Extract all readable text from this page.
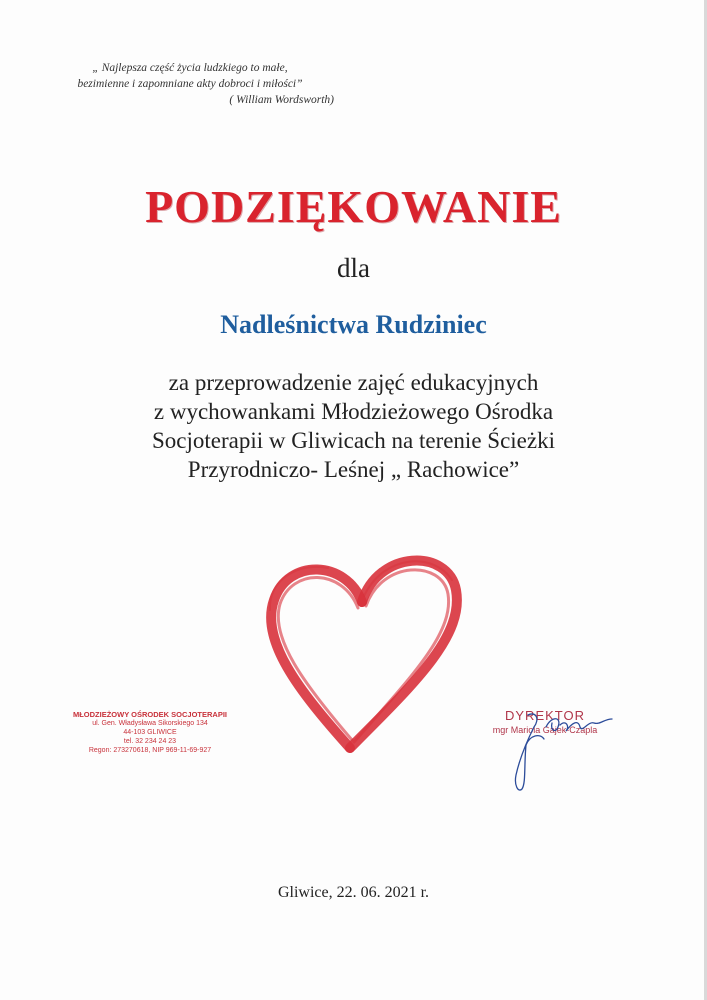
„ Najlepsza część życia ludzkiego to małe,
bezimienne i zapomniane akty dobroci i miłości”
( William Wordsworth)
PODZIĘKOWANIE
dla
Nadleśnictwa Rudziniec
za przeprowadzenie zajęć edukacyjnych
z wychowankami Młodzieżowego Ośrodka
Socjoterapii w Gliwicach na terenie Ścieżki
Przyrodniczo- Leśnej „ Rachowice”
MŁODZIEŻOWY OŚRODEK SOCJOTERAPII
ul. Gen. Władysława Sikorskiego 134
44-103 GLIWICE
tel. 32 234 24 23
Regon: 273270618, NIP 969-11-69-927
DYREKTOR
mgr Mariola Gajek-Czapla
Gliwice, 22. 06. 2021 r.
